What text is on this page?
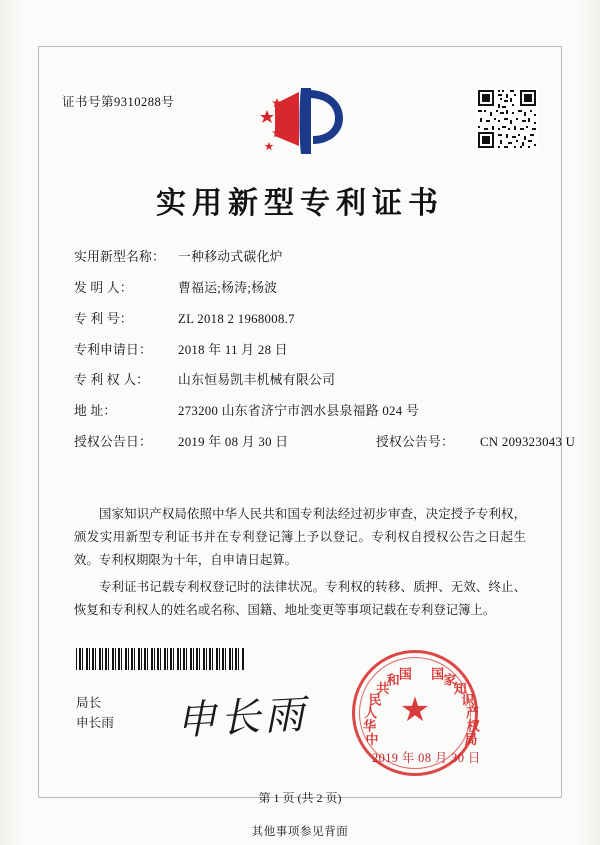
证书号第9310288号
实用新型专利证书
实用新型名称：	一种移动式碳化炉
发 明 人：	曹福运;杨涛;杨波
专 利 号：	ZL 2018 2 1968008.7
专利申请日：	2018 年 11 月 28 日
专 利 权 人：	山东恒易凯丰机械有限公司
地 址：	273200 山东省济宁市泗水县泉福路 024 号
授权公告日：	2019 年 08 月 30 日	授权公告号：	CN 209323043 U

国家知识产权局依照中华人民共和国专利法经过初步审查，决定授予专利权，颁发实用新型专利证书并在专利登记簿上予以登记。专利权自授权公告之日起生效。专利权期限为十年，自申请日起算。

专利证书记载专利权登记时的法律状况。专利权的转移、质押、无效、终止、恢复和专利权人的姓名或名称、国籍、地址变更等事项记载在专利登记簿上。

局长
申长雨 申长雨	★
中
华
人
民
共
和 国 国 家
知
识
产
权
局
2019 年 08 月 30 日
第 1 页 (共 2 页)
其他事项参见背面
